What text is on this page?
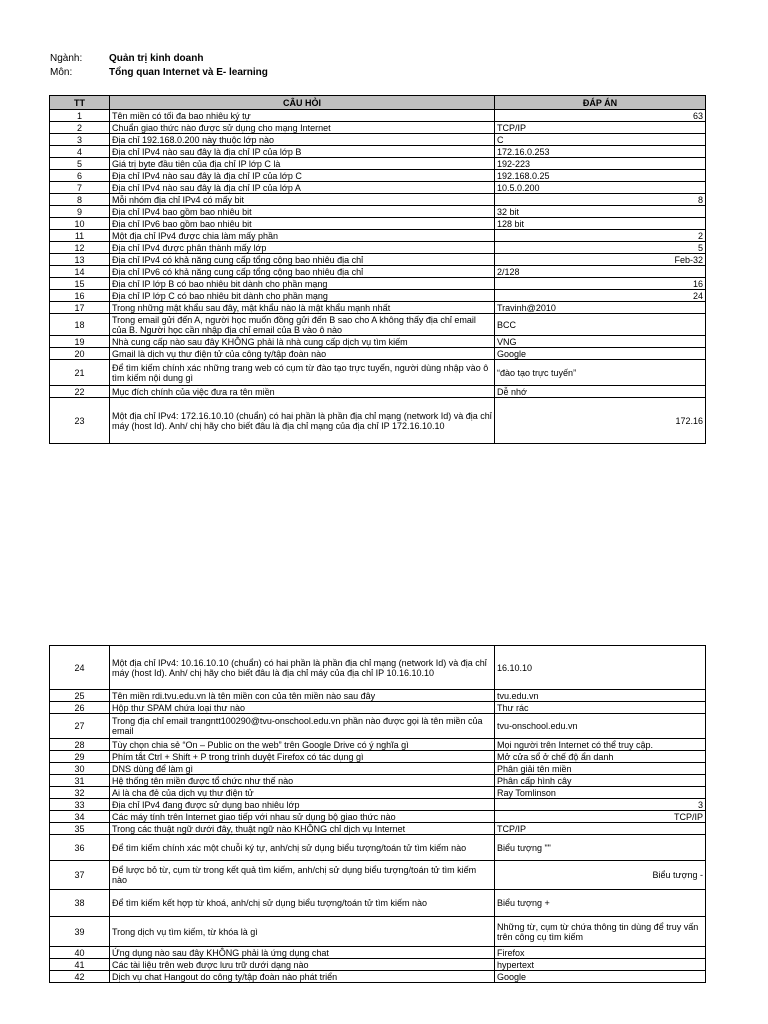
Ngành:	Quản trị kinh doanh
Môn:	Tổng quan Internet và E- learning
TT	CÂU HỎI	ĐÁP ÁN
1	Tên miền có tối đa bao nhiêu ký tự	63
2	Chuẩn giao thức nào được sử dụng cho mạng Internet	TCP/IP
3	Địa chỉ 192.168.0.200 này thuộc lớp nào	C
4	Địa chỉ IPv4 nào sau đây là địa chỉ IP của lớp B	172.16.0.253
5	Giá trị byte đầu tiên của địa chỉ IP lớp C là	192-223
6	Địa chỉ IPv4 nào sau đây là địa chỉ IP của lớp C	192.168.0.25
7	Địa chỉ IPv4 nào sau đây là địa chỉ IP của lớp A	10.5.0.200
8	Mỗi nhóm địa chỉ IPv4 có mấy bit	8
9	Địa chỉ IPv4 bao gồm bao nhiêu bit	32 bit
10	Địa chỉ IPv6 bao gồm bao nhiêu bit	128 bit
11	Một địa chỉ IPv4 được chia làm mấy phần	2
12	Địa chỉ IPv4 được phân thành mấy lớp	5
13	Địa chỉ IPv4 có khả năng cung cấp tổng cộng bao nhiêu địa chỉ	Feb-32
14	Địa chỉ IPv6 có khả năng cung cấp tổng cộng bao nhiêu địa chỉ	2/128
15	Địa chỉ IP lớp B có bao nhiêu bit dành cho phần mạng	16
16	Địa chỉ IP lớp C có bao nhiêu bit dành cho phần mạng	24
17	Trong những mật khẩu sau đây, mật khẩu nào là mật khẩu mạnh nhất	Travinh@2010
18	Trong email gửi đến A, người học muốn đồng gửi đến B sao cho A không thấy địa chỉ email của B. Người học cần nhập địa chỉ email của B vào ô nào	BCC
19	Nhà cung cấp nào sau đây KHÔNG phải là nhà cung cấp dịch vụ tìm kiếm	VNG
20	Gmail là dịch vụ thư điện tử của công ty/tập đoàn nào	Google
21	Để tìm kiếm chính xác những trang web có cụm từ đào tạo trực tuyến, người dùng nhập vào ô tìm kiếm nội dung gì	“đào tạo trực tuyến”
22	Mục đích chính của việc đưa ra tên miền	Dễ nhớ
23	Một địa chỉ IPv4: 172.16.10.10 (chuẩn) có hai phần là phần địa chỉ mạng (network Id) và địa chỉ máy (host Id). Anh/ chị hãy cho biết đâu là địa chỉ mạng của địa chỉ IP 172.16.10.10	172.16
24	Một địa chỉ IPv4: 10.16.10.10 (chuẩn) có hai phần là phần địa chỉ mạng (network Id) và địa chỉ máy (host Id). Anh/ chị hãy cho biết đâu là địa chỉ máy của địa chỉ IP 10.16.10.10	16.10.10
25	Tên miền rdi.tvu.edu.vn là tên miền con của tên miền nào sau đây	tvu.edu.vn
26	Hộp thư SPAM chứa loại thư nào	Thư rác
27	Trong địa chỉ email trangntt100290@tvu-onschool.edu.vn phần nào được gọi là tên miền của email	tvu-onschool.edu.vn
28	Tùy chọn chia sẻ “On – Public on the web” trên Google Drive có ý nghĩa gì	Mọi người trên Internet có thể truy cập.
29	Phím tắt Ctrl + Shift + P trong trình duyệt Firefox có tác dụng gì	Mở cửa sổ ở chế độ ẩn danh
30	DNS dùng để làm gì	Phân giải tên miền
31	Hệ thống tên miền được tổ chức như thế nào	Phân cấp hình cây
32	Ai là cha đẻ của dịch vụ thư điện tử	Ray Tomlinson
33	Địa chỉ IPv4 đang được sử dụng bao nhiêu lớp	3
34	Các máy tính trên Internet giao tiếp với nhau sử dụng bộ giao thức nào	TCP/IP
35	Trong các thuật ngữ dưới đây, thuật ngữ nào KHÔNG chỉ dịch vụ Internet	TCP/IP
36	Để tìm kiếm chính xác một chuỗi ký tự, anh/chị sử dụng biểu tượng/toán tử tìm kiếm nào	Biểu tượng ""
37	Để lược bỏ từ, cụm từ trong kết quả tìm kiếm, anh/chị sử dụng biểu tượng/toán tử tìm kiếm nào	Biểu tượng -
38	Để tìm kiếm kết hợp từ khoá, anh/chị sử dụng biểu tượng/toán tử tìm kiếm nào	Biểu tượng +
39	Trong dịch vụ tìm kiếm, từ khóa là gì	Những từ, cụm từ chứa thông tin dùng để truy vấn trên công cụ tìm kiếm
40	Ứng dụng nào sau đây KHÔNG phải là ứng dụng chat	Firefox
41	Các tài liệu trên web được lưu trữ dưới dạng nào	hypertext
42	Dịch vụ chat Hangout do công ty/tập đoàn nào phát triển	Google
